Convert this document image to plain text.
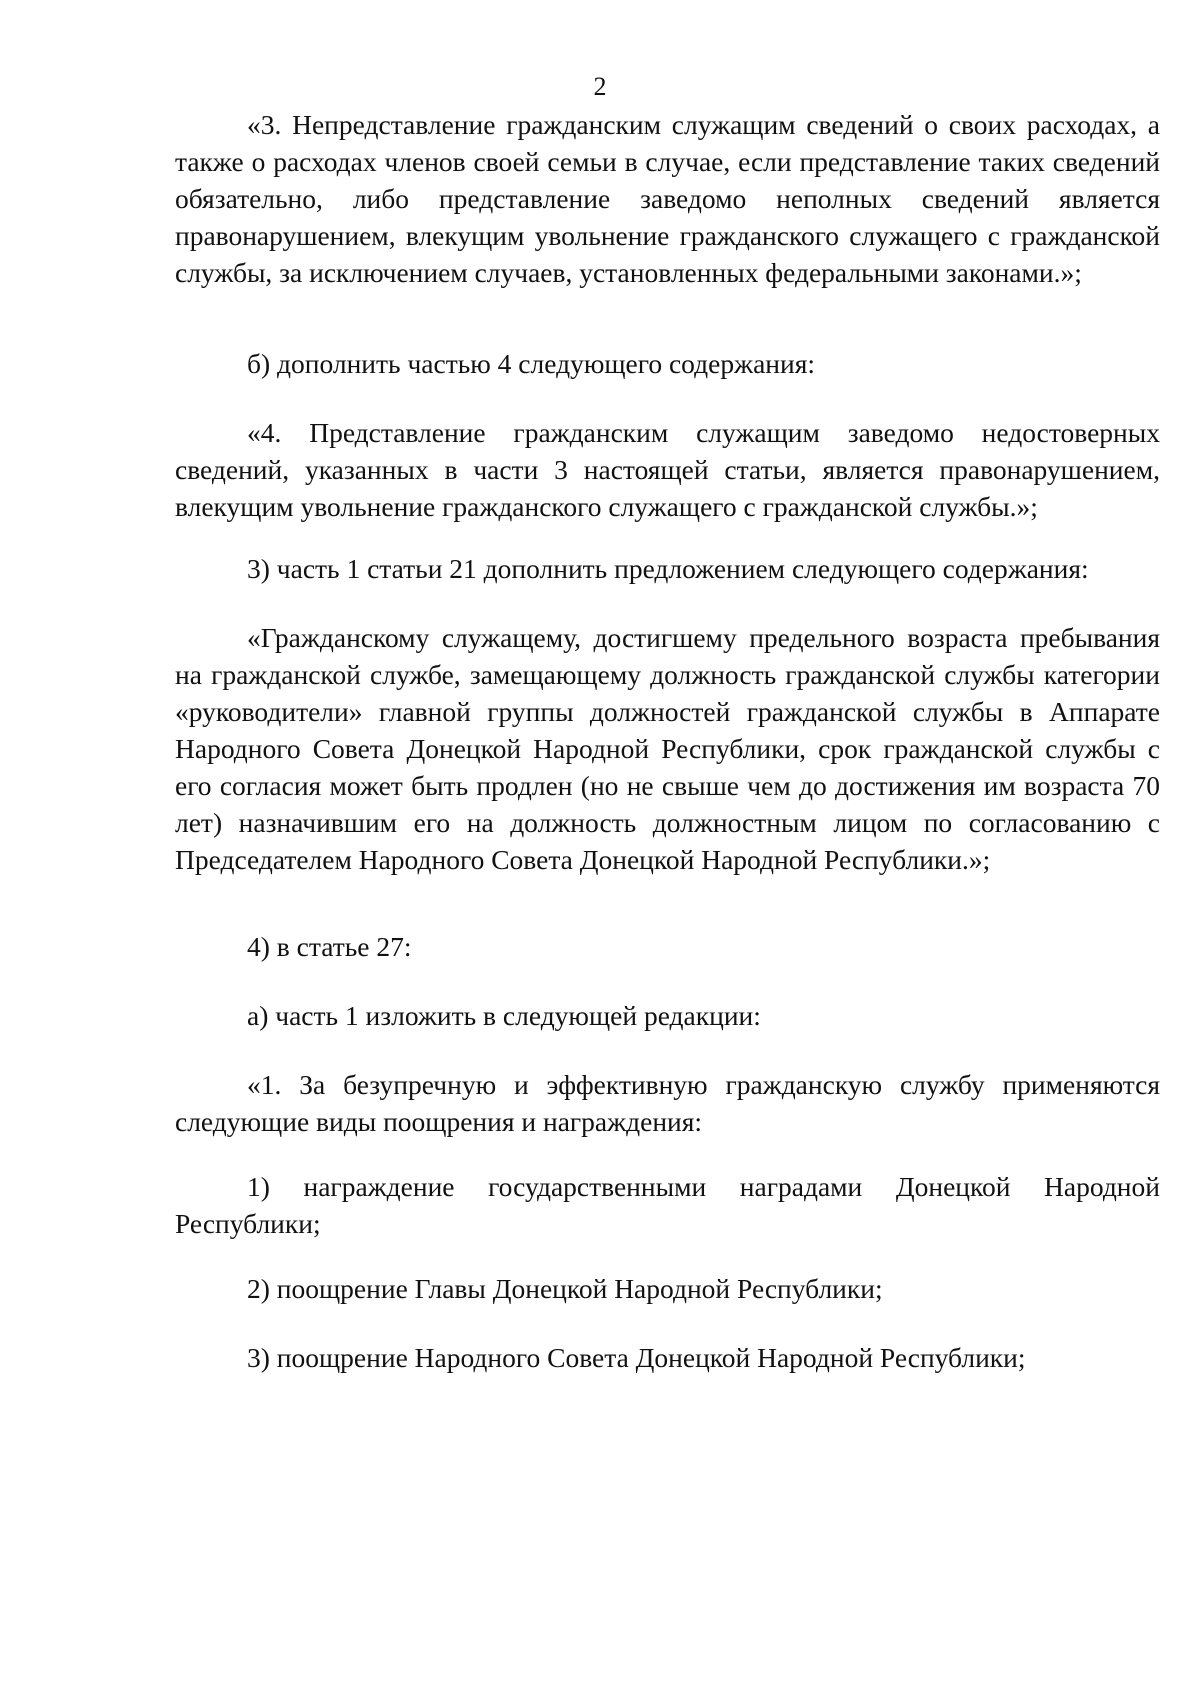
2

«3. Непредставление гражданским служащим сведений о своих расходах, а также о расходах членов своей семьи в случае, если представление таких сведений обязательно, либо представление заведомо неполных сведений является правонарушением, влекущим увольнение гражданского служащего с гражданской службы, за исключением случаев, установленных федеральными законами.»;

б) дополнить частью 4 следующего содержания:

«4. Представление гражданским служащим заведомо недостоверных сведений, указанных в части 3 настоящей статьи, является правонарушением, влекущим увольнение гражданского служащего с гражданской службы.»;

3) часть 1 статьи 21 дополнить предложением следующего содержания:

«Гражданскому служащему, достигшему предельного возраста пребывания на гражданской службе, замещающему должность гражданской службы категории «руководители» главной группы должностей гражданской службы в Аппарате Народного Совета Донецкой Народной Республики, срок гражданской службы с его согласия может быть продлен (но не свыше чем до достижения им возраста 70 лет) назначившим его на должность должностным лицом по согласованию с Председателем Народного Совета Донецкой Народной Республики.»;

4) в статье 27:

а) часть 1 изложить в следующей редакции:

«1. За безупречную и эффективную гражданскую службу применяются следующие виды поощрения и награждения:

1) награждение государственными наградами Донецкой Народной Республики;

2) поощрение Главы Донецкой Народной Республики;

3) поощрение Народного Совета Донецкой Народной Республики;
